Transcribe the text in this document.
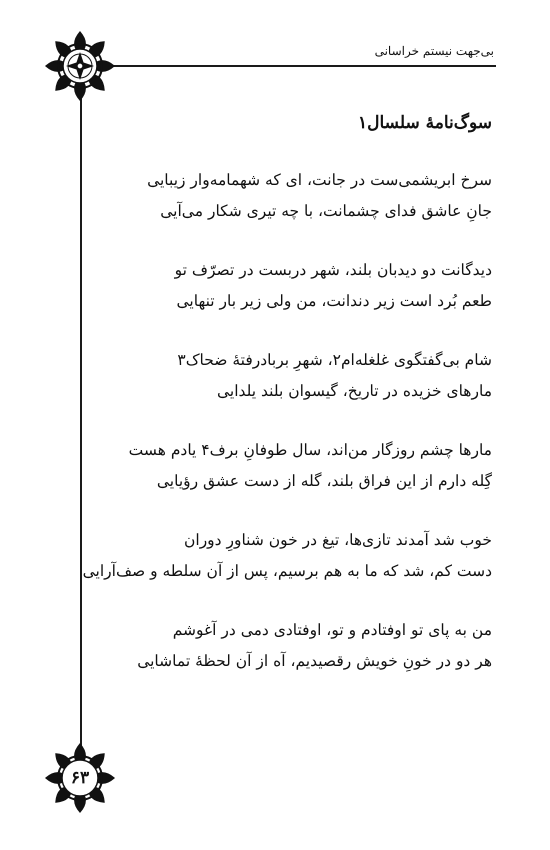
بی‌جهت نیستم خراسانی
۶۳
سوگ‌نامۀ سلسال۱
سرخ ابریشمی‌ست در جانت، ای که شهمامه‌وار زیبایی
جانِ عاشق فدای چشمانت، با چه تیری شکار می‌آیی
دیدگانت دو دیدبان بلند، شهر دربست در تصرّف تو
طعم بُرد است زیر دندانت، من ولی زیر بار تنهایی
شام بی‌گفتگوی غلغله‌ام۲، شهرِ بربادرفتۀ ضحاک۳
مارهای خزیده در تاریخ، گیسوان بلند یلدایی
مارها چشم روزگار من‌اند، سال طوفانِ برف۴ یادم هست
گِله دارم از این فراق بلند، گله از دست عشق رؤیایی
خوب شد آمدند تازی‌ها، تیغ در خون شناورِ دوران
دست کم، شد که ما به هم برسیم، پس از آن سلطه و صف‌آرایی
من به پای تو اوفتادم و تو، اوفتادی دمی در آغوشم
هر دو در خونِ خویش رقصیدیم، آه از آن لحظۀ تماشایی
